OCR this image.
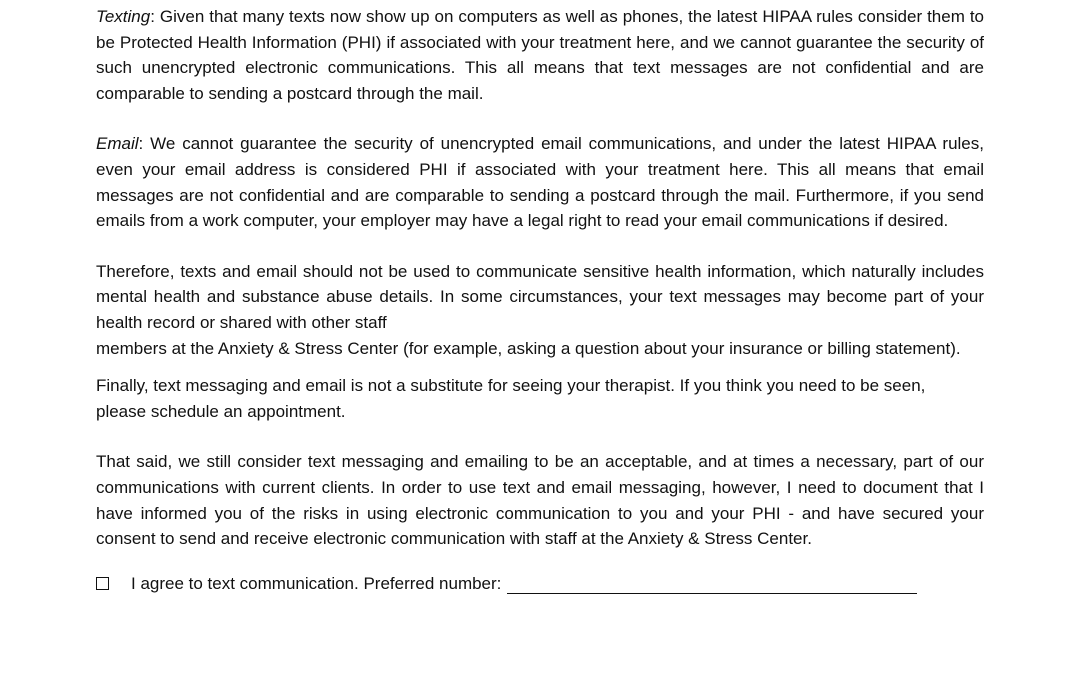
Texting: Given that many texts now show up on computers as well as phones, the latest HIPAA rules consider them to be Protected Health Information (PHI) if associated with your treatment here, and we cannot guarantee the security of such unencrypted electronic communications. This all means that text messages are not confidential and are comparable to sending a postcard through the mail.

Email: We cannot guarantee the security of unencrypted email communications, and under the latest HIPAA rules, even your email address is considered PHI if associated with your treatment here. This all means that email messages are not confidential and are comparable to sending a postcard through the mail. Furthermore, if you send emails from a work computer, your employer may have a legal right to read your email communications if desired.

Therefore, texts and email should not be used to communicate sensitive health information, which naturally includes mental health and substance abuse details. In some circumstances, your text messages may become part of your health record or shared with other staff

members at the Anxiety & Stress Center (for example, asking a question about your insurance or billing statement).

Finally, text messaging and email is not a substitute for seeing your therapist. If you think you need to be seen, please schedule an appointment.

That said, we still consider text messaging and emailing to be an acceptable, and at times a necessary, part of our communications with current clients. In order to use text and email messaging, however, I need to document that I have informed you of the risks in using electronic communication to you and your PHI - and have secured your consent to send and receive electronic communication with staff at the Anxiety & Stress Center.

I agree to text communication. Preferred number:
